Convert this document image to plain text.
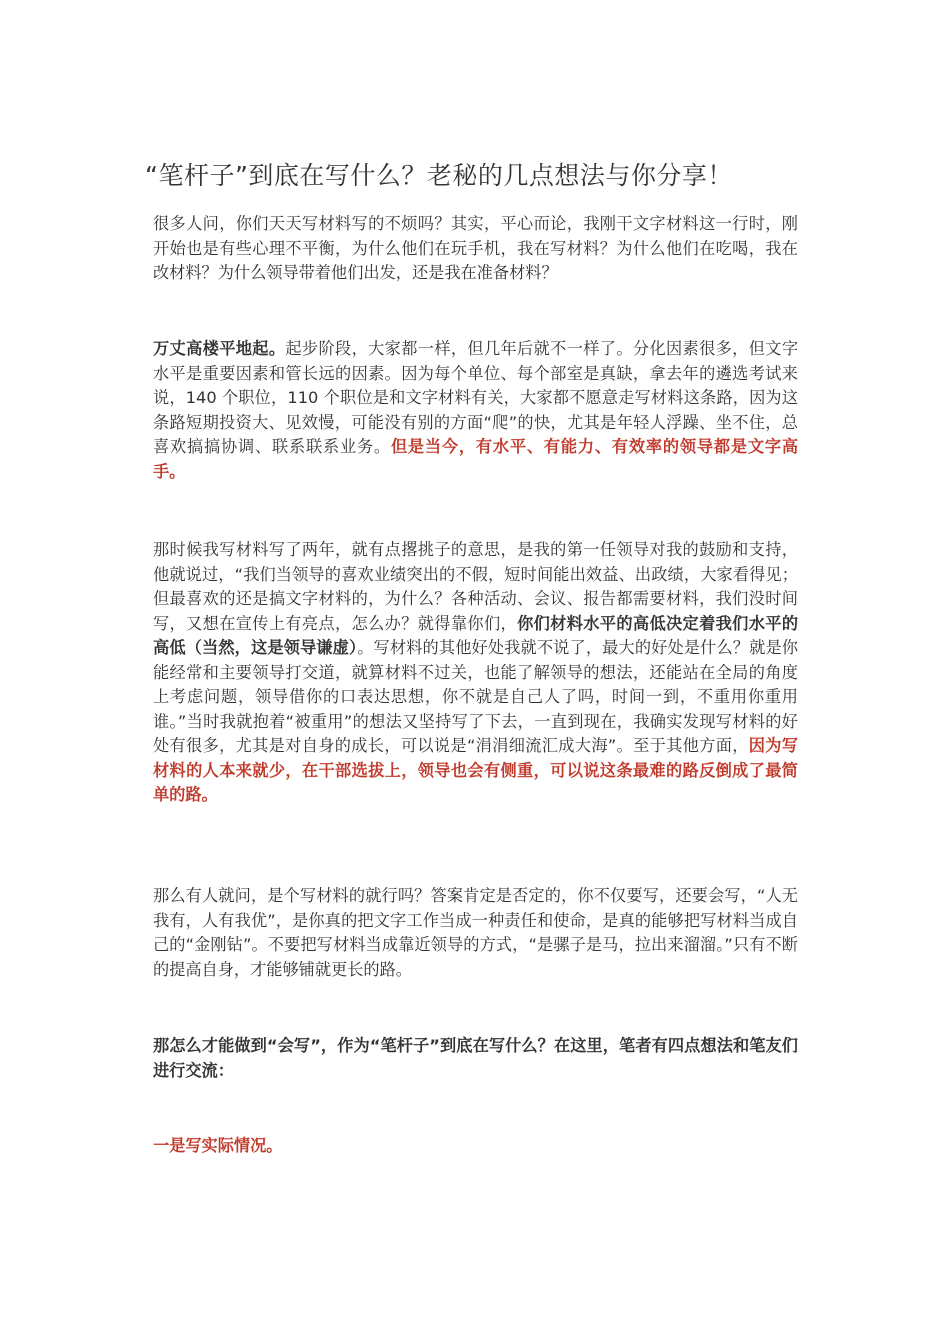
“笔杆子”到底在写什么？老秘的几点想法与你分享！

很多人问，你们天天写材料写的不烦吗？其实，平心而论，我刚干文字材料这一行时，刚开始也是有些心理不平衡，为什么他们在玩手机，我在写材料？为什么他们在吃喝，我在改材料？为什么领导带着他们出发，还是我在准备材料？

万丈高楼平地起。起步阶段，大家都一样，但几年后就不一样了。分化因素很多，但文字水平是重要因素和管长远的因素。因为每个单位、每个部室是真缺，拿去年的遴选考试来说，140 个职位，110 个职位是和文字材料有关，大家都不愿意走写材料这条路，因为这条路短期投资大、见效慢，可能没有别的方面“爬”的快，尤其是年轻人浮躁、坐不住，总喜欢搞搞协调、联系联系业务。但是当今，有水平、有能力、有效率的领导都是文字高手。

那时候我写材料写了两年，就有点撂挑子的意思，是我的第一任领导对我的鼓励和支持，他就说过，“我们当领导的喜欢业绩突出的不假，短时间能出效益、出政绩，大家看得见；但最喜欢的还是搞文字材料的，为什么？各种活动、会议、报告都需要材料，我们没时间写，又想在宣传上有亮点，怎么办？就得靠你们，你们材料水平的高低决定着我们水平的高低（当然，这是领导谦虚）。写材料的其他好处我就不说了，最大的好处是什么？就是你能经常和主要领导打交道，就算材料不过关，也能了解领导的想法，还能站在全局的角度上考虑问题，领导借你的口表达思想，你不就是自己人了吗，时间一到，不重用你重用谁。”当时我就抱着“被重用”的想法又坚持写了下去，一直到现在，我确实发现写材料的好处有很多，尤其是对自身的成长，可以说是“涓涓细流汇成大海”。至于其他方面，因为写材料的人本来就少，在干部选拔上，领导也会有侧重，可以说这条最难的路反倒成了最简单的路。

那么有人就问，是个写材料的就行吗？答案肯定是否定的，你不仅要写，还要会写，“人无我有，人有我优”，是你真的把文字工作当成一种责任和使命，是真的能够把写材料当成自己的“金刚钻”。不要把写材料当成靠近领导的方式，“是骡子是马，拉出来溜溜。”只有不断的提高自身，才能够铺就更长的路。

那怎么才能做到“会写”，作为“笔杆子”到底在写什么？在这里，笔者有四点想法和笔友们进行交流：

一是写实际情况。
